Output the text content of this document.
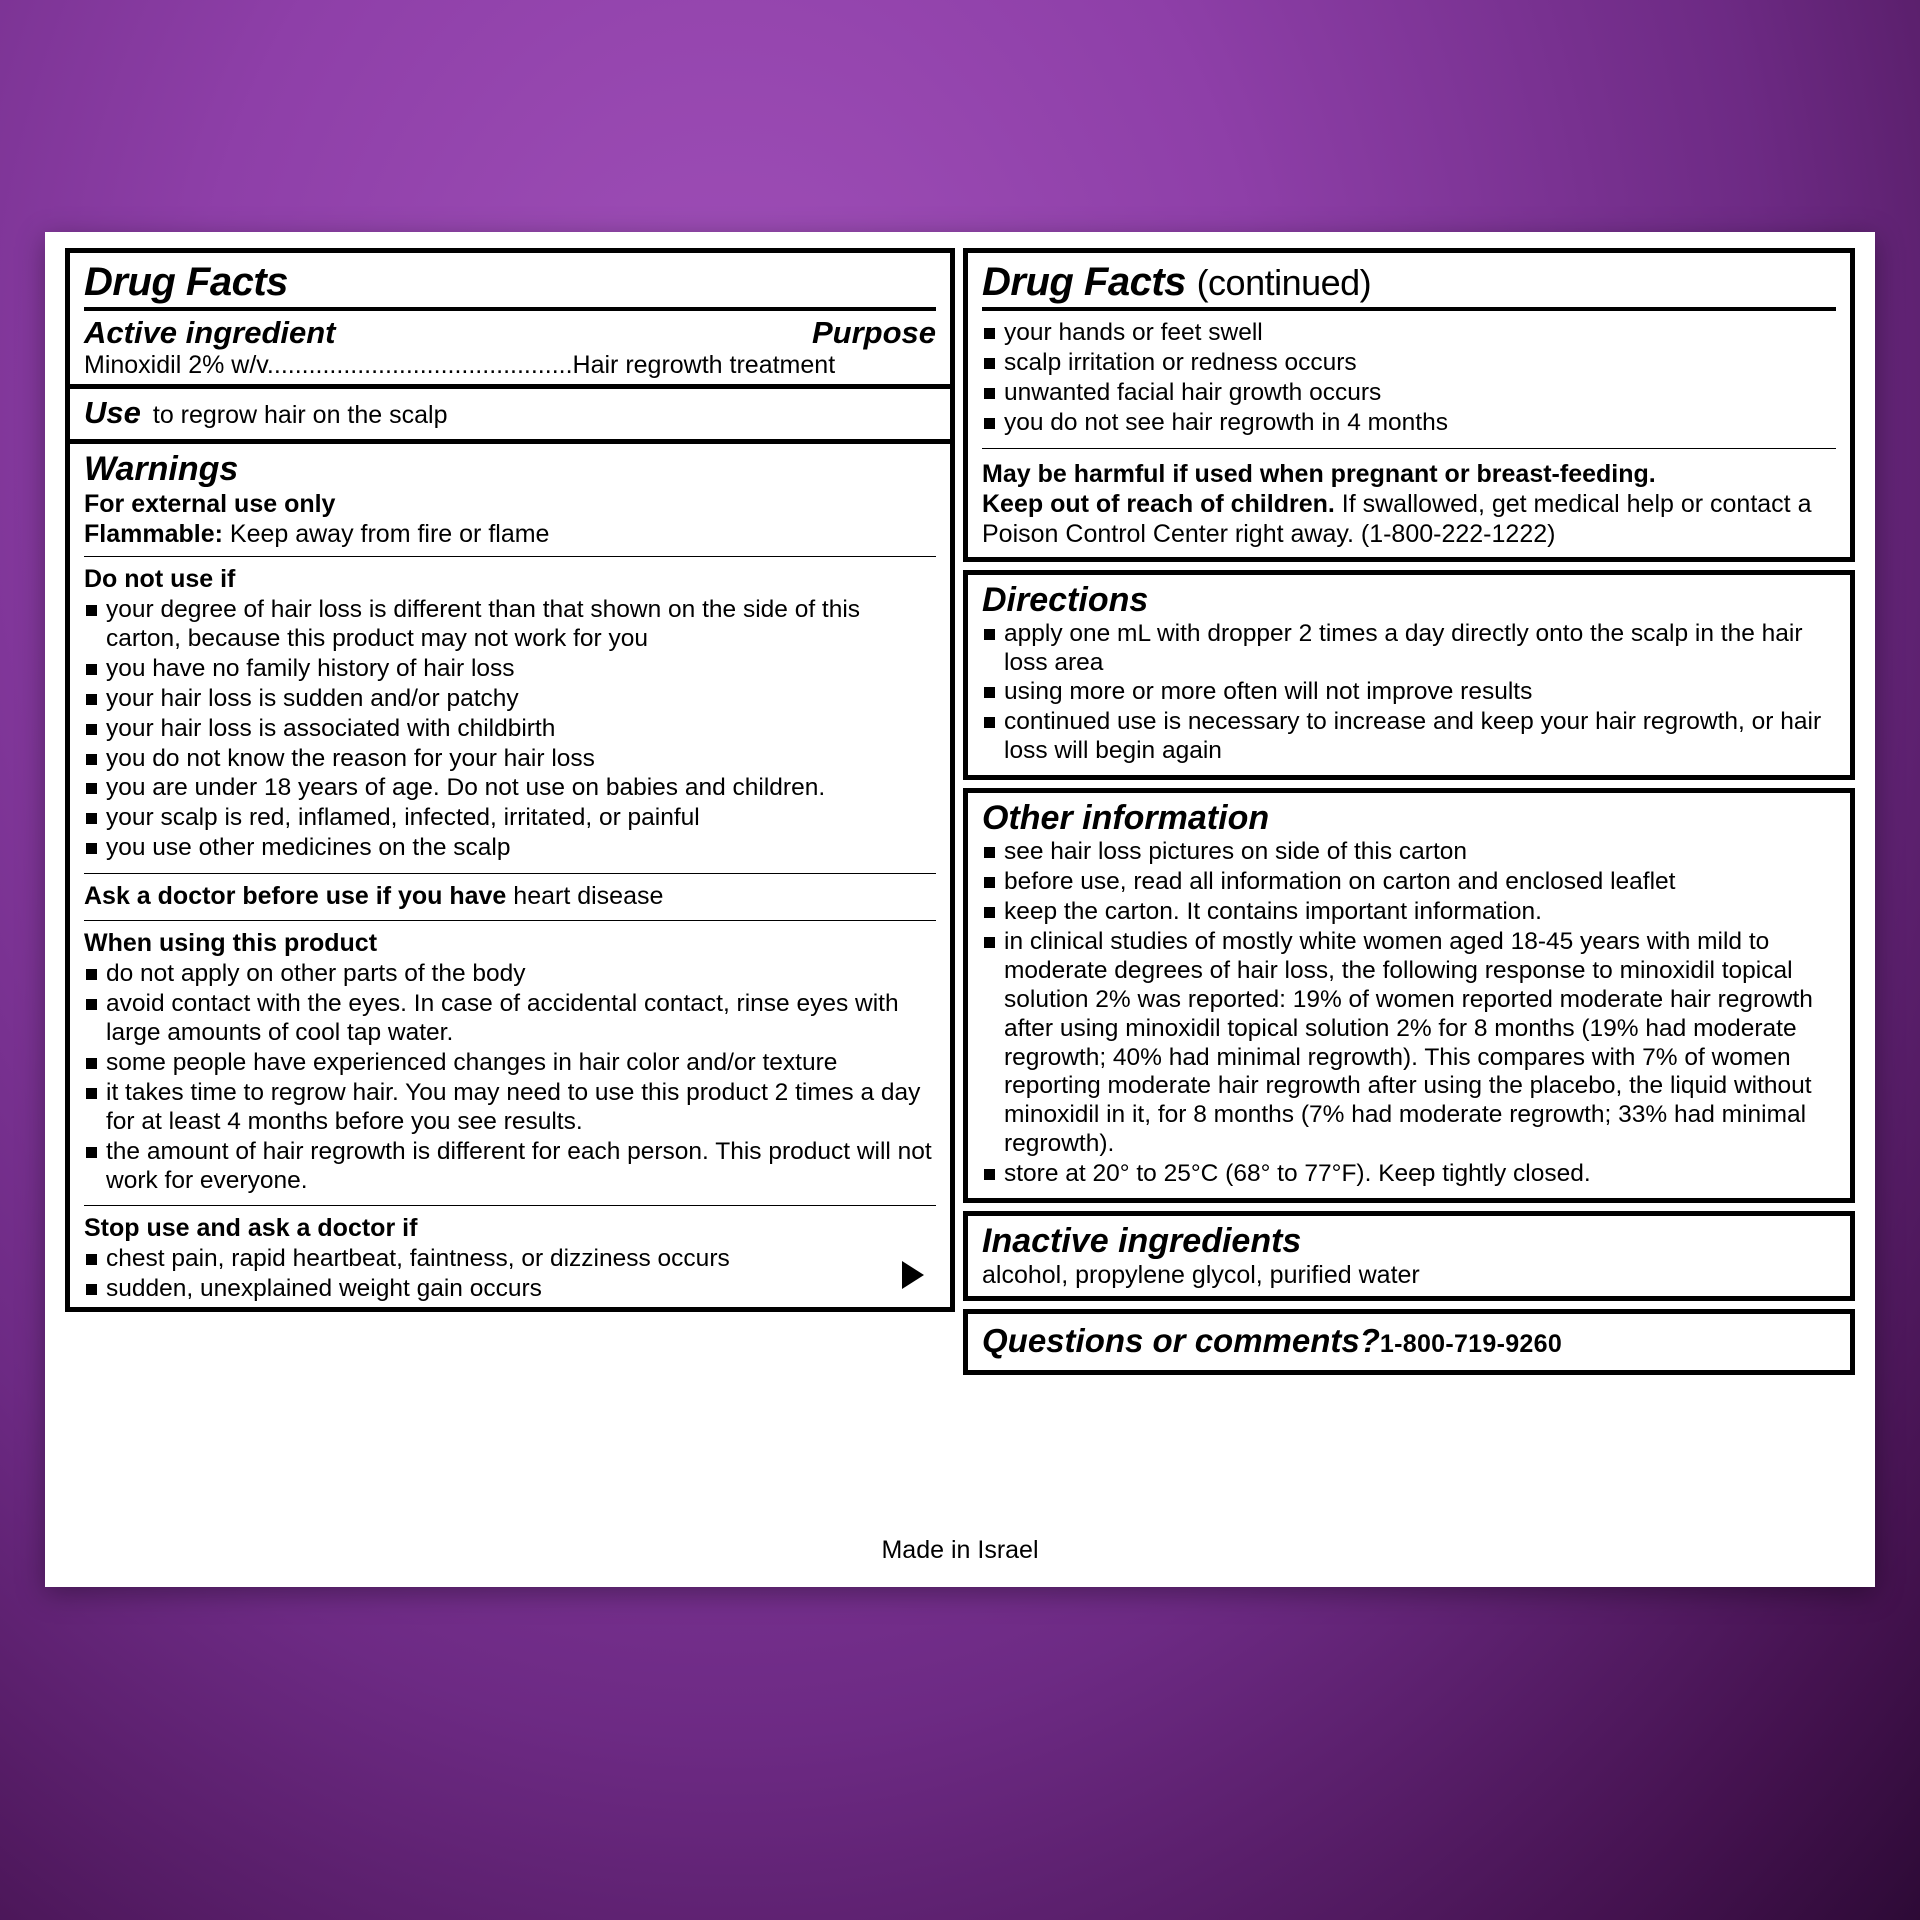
Drug Facts
Active ingredient	Purpose
Minoxidil 2% w/v............................................Hair regrowth treatment
Use to regrow hair on the scalp
Warnings
For external use only
Flammable: Keep away from fire or flame
Do not use if
your degree of hair loss is different than that shown on the side of this carton, because this product may not work for you
you have no family history of hair loss
your hair loss is sudden and/or patchy
your hair loss is associated with childbirth
you do not know the reason for your hair loss
you are under 18 years of age. Do not use on babies and children.
your scalp is red, inflamed, infected, irritated, or painful
you use other medicines on the scalp
Ask a doctor before use if you have heart disease
When using this product
do not apply on other parts of the body
avoid contact with the eyes. In case of accidental contact, rinse eyes with large amounts of cool tap water.
some people have experienced changes in hair color and/or texture
it takes time to regrow hair. You may need to use this product 2 times a day for at least 4 months before you see results.
the amount of hair regrowth is different for each person. This product will not work for everyone.
Stop use and ask a doctor if
chest pain, rapid heartbeat, faintness, or dizziness occurs
sudden, unexplained weight gain occurs
Drug Facts (continued)
your hands or feet swell
scalp irritation or redness occurs
unwanted facial hair growth occurs
you do not see hair regrowth in 4 months
May be harmful if used when pregnant or breast-feeding.
Keep out of reach of children. If swallowed, get medical help or contact a Poison Control Center right away. (1-800-222-1222)
Directions
apply one mL with dropper 2 times a day directly onto the scalp in the hair loss area
using more or more often will not improve results
continued use is necessary to increase and keep your hair regrowth, or hair loss will begin again
Other information
see hair loss pictures on side of this carton
before use, read all information on carton and enclosed leaflet
keep the carton. It contains important information.
in clinical studies of mostly white women aged 18-45 years with mild to moderate degrees of hair loss, the following response to minoxidil topical solution 2% was reported: 19% of women reported moderate hair regrowth after using minoxidil topical solution 2% for 8 months (19% had moderate regrowth; 40% had minimal regrowth). This compares with 7% of women reporting moderate hair regrowth after using the placebo, the liquid without minoxidil in it, for 8 months (7% had moderate regrowth; 33% had minimal regrowth).
store at 20° to 25°C (68° to 77°F). Keep tightly closed.
Inactive ingredients
alcohol, propylene glycol, purified water
Questions or comments? 1-800-719-9260
Made in Israel
